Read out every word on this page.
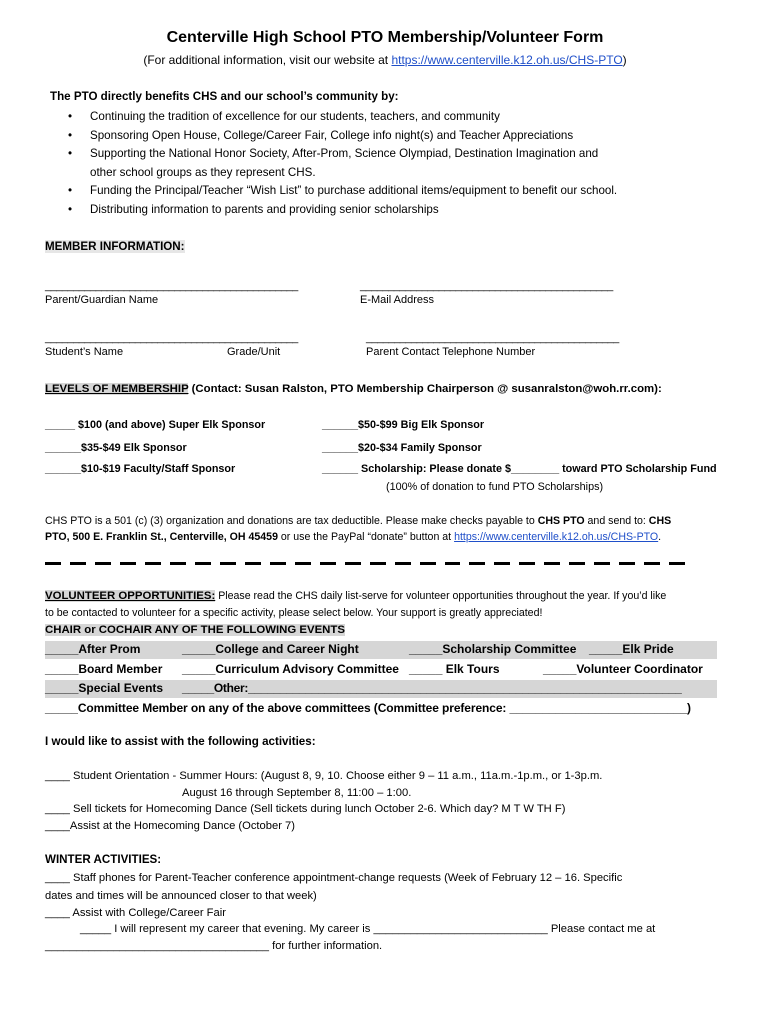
Centerville High School PTO Membership/Volunteer Form
(For additional information, visit our website at https://www.centerville.k12.oh.us/CHS-PTO)
The PTO directly benefits CHS and our school’s community by:
• Continuing the tradition of excellence for our students, teachers, and community
• Sponsoring Open House, College/Career Fair, College info night(s) and Teacher Appreciations
• Supporting the National Honor Society, After-Prom, Science Olympiad, Destination Imagination and
other school groups as they represent CHS.
• Funding the Principal/Teacher “Wish List” to purchase additional items/equipment to benefit our school.
• Distributing information to parents and providing senior scholarships
MEMBER INFORMATION:
_____________________________________________	_____________________________________________
Parent/Guardian Name	E-Mail Address
_____________________________________________	_____________________________________________
Student’s Name	Grade/Unit	Parent Contact Telephone Number
LEVELS OF MEMBERSHIP (Contact: Susan Ralston, PTO Membership Chairperson @ susanralston@woh.rr.com):
_____ $100 (and above) Super Elk Sponsor	______$50-$99 Big Elk Sponsor
______$35-$49 Elk Sponsor	______$20-$34 Family Sponsor
______$10-$19 Faculty/Staff Sponsor	______ Scholarship: Please donate $________ toward PTO Scholarship Fund
(100% of donation to fund PTO Scholarships)
CHS PTO is a 501 (c) (3) organization and donations are tax deductible. Please make checks payable to CHS PTO and send to: CHS
PTO, 500 E. Franklin St., Centerville, OH 45459 or use the PayPal “donate” button at https://www.centerville.k12.oh.us/CHS-PTO.
VOLUNTEER OPPORTUNITIES: Please read the CHS daily list-serve for volunteer opportunities throughout the year. If you’d like
to be contacted to volunteer for a specific activity, please select below. Your support is greatly appreciated!
CHAIR or COCHAIR ANY OF THE FOLLOWING EVENTS
_____After Prom	_____College and Career Night	_____Scholarship Committee _____Elk Pride
_____Board Member _____Curriculum Advisory Committee _____ Elk Tours	_____Volunteer Coordinator
_____Special Events _____Other:____________________________________________________________________
_____Committee Member on any of the above committees (Committee preference: ___________________________)
I would like to assist with the following activities:
____ Student Orientation - Summer Hours: (August 8, 9, 10. Choose either 9 – 11 a.m., 11a.m.-1p.m., or 1-3p.m.
August 16 through September 8, 11:00 – 1:00.
____ Sell tickets for Homecoming Dance (Sell tickets during lunch October 2-6. Which day? M T W TH F)
____Assist at the Homecoming Dance (October 7)
WINTER ACTIVITIES:
____ Staff phones for Parent-Teacher conference appointment-change requests (Week of February 12 – 16. Specific
dates and times will be announced closer to that week)
____ Assist with College/Career Fair
_____ I will represent my career that evening. My career is ____________________________ Please contact me at
____________________________________ for further information.
